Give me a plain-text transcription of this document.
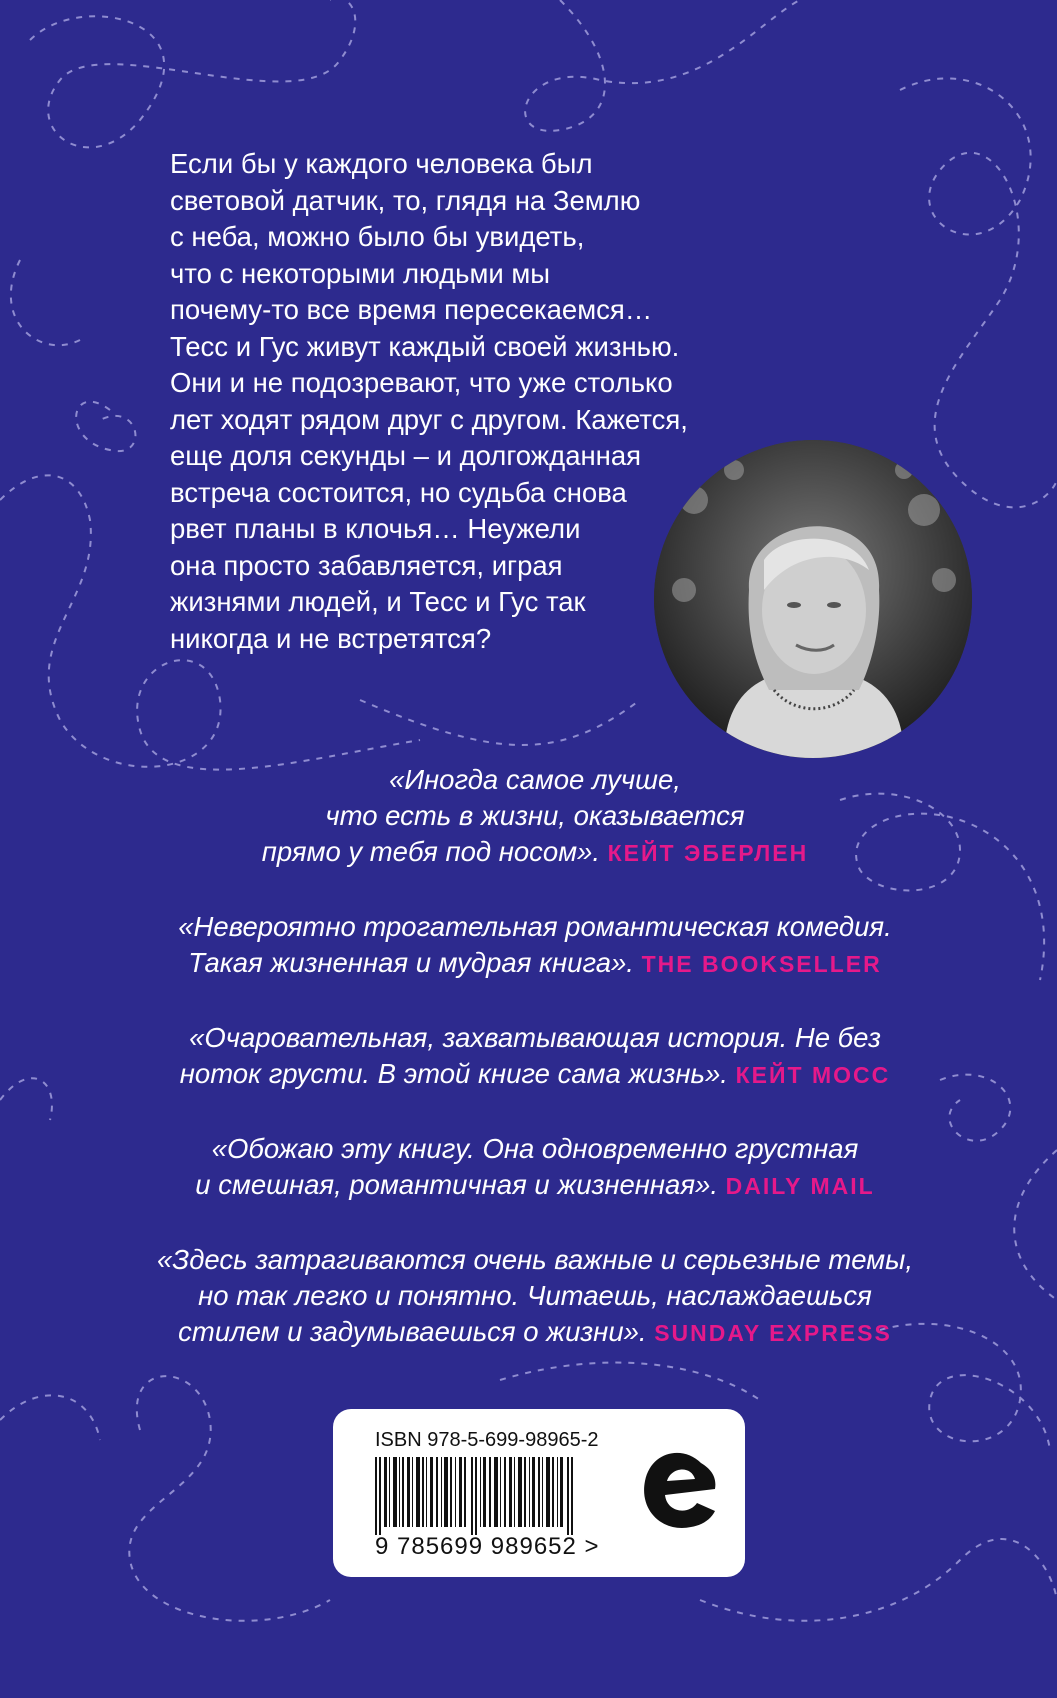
Если бы у каждого человека был
световой датчик, то, глядя на Землю
с неба, можно было бы увидеть,
что с некоторыми людьми мы
почему-то все время пересекаемся…
Тесс и Гус живут каждый своей жизнью.
Они и не подозревают, что уже столько
лет ходят рядом друг с другом. Кажется,
еще доля секунды – и долгожданная
встреча состоится, но судьба снова
рвет планы в клочья… Неужели
она просто забавляется, играя
жизнями людей, и Тесс и Гус так
никогда и не встретятся?

«Иногда самое лучше,
что есть в жизни, оказывается
прямо у тебя под носом». КЕЙТ ЭБЕРЛЕН

«Невероятно трогательная романтическая комедия.
Такая жизненная и мудрая книга». THE BOOKSELLER

«Очаровательная, захватывающая история. Не без
ноток грусти. В этой книге сама жизнь». КЕЙТ МОСС

«Обожаю эту книгу. Она одновременно грустная
и смешная, романтичная и жизненная». DAILY MAIL

«Здесь затрагиваются очень важные и серьезные темы,
но так легко и понятно. Читаешь, наслаждаешься
стилем и задумываешься о жизни». SUNDAY EXPRESS

ISBN 978-5-699-98965-2
9 785699 989652 >
